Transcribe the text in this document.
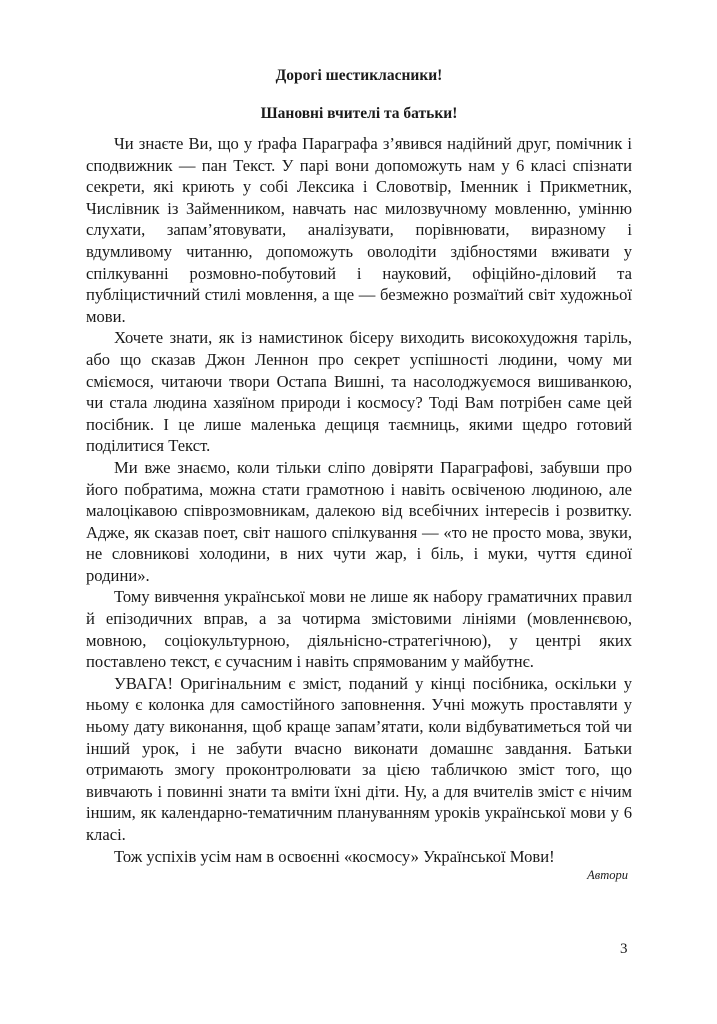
Дорогі шестикласники!
Шановні вчителі та батьки!

Чи знаєте Ви, що у ґрафа Параграфа з’явився надійний друг, помічник і сподвижник — пан Текст. У парі вони допоможуть нам у 6 класі спізнати секрети, які криють у собі Лексика і Словотвір, Іменник і Прикметник, Числівник із Займенником, навчать нас милозвучному мовленню, умінню слухати, запам’ятовувати, аналізувати, порівнювати, виразному і вдумливому читанню, допоможуть оволодіти здібностями вживати у спілкуванні розмовно-побутовий і науковий, офіційно-діловий та публіцистичний стилі мовлення, а ще — безмежно розмаїтий світ художньої мови.

Хочете знати, як із намистинок бісеру виходить високохудожня таріль, або що сказав Джон Леннон про секрет успішності людини, чому ми сміємося, читаючи твори Остапа Вишні, та насолоджуємося вишиванкою, чи стала людина хазяїном природи і космосу? Тоді Вам потрібен саме цей посібник. І це лише маленька дещиця таємниць, якими щедро готовий поділитися Текст.

Ми вже знаємо, коли тільки сліпо довіряти Параграфові, забувши про його побратима, можна стати грамотною і навіть освіченою людиною, але малоцікавою співрозмовникам, далекою від всебічних інтересів і розвитку. Адже, як сказав поет, світ нашого спілкування — «то не просто мова, звуки, не словникові холодини, в них чути жар, і біль, і муки, чуття єдиної родини».

Тому вивчення української мови не лише як набору граматичних правил й епізодичних вправ, а за чотирма змістовими лініями (мовленнєвою, мовною, соціокультурною, діяльнісно-стратегічною), у центрі яких поставлено текст, є сучасним і навіть спрямованим у майбутнє.

УВАГА! Оригінальним є зміст, поданий у кінці посібника, оскільки у ньому є колонка для самостійного заповнення. Учні можуть проставляти у ньому дату виконання, щоб краще запам’ятати, коли відбуватиметься той чи інший урок, і не забути вчасно виконати домашнє завдання. Батьки отримають змогу проконтролювати за цією табличкою зміст того, що вивчають і повинні знати та вміти їхні діти. Ну, а для вчителів зміст є нічим іншим, як календарно-тематичним плануванням уроків української мови у 6 класі.

Тож успіхів усім нам в освоєнні «космосу» Української Мови!

Автори

3
